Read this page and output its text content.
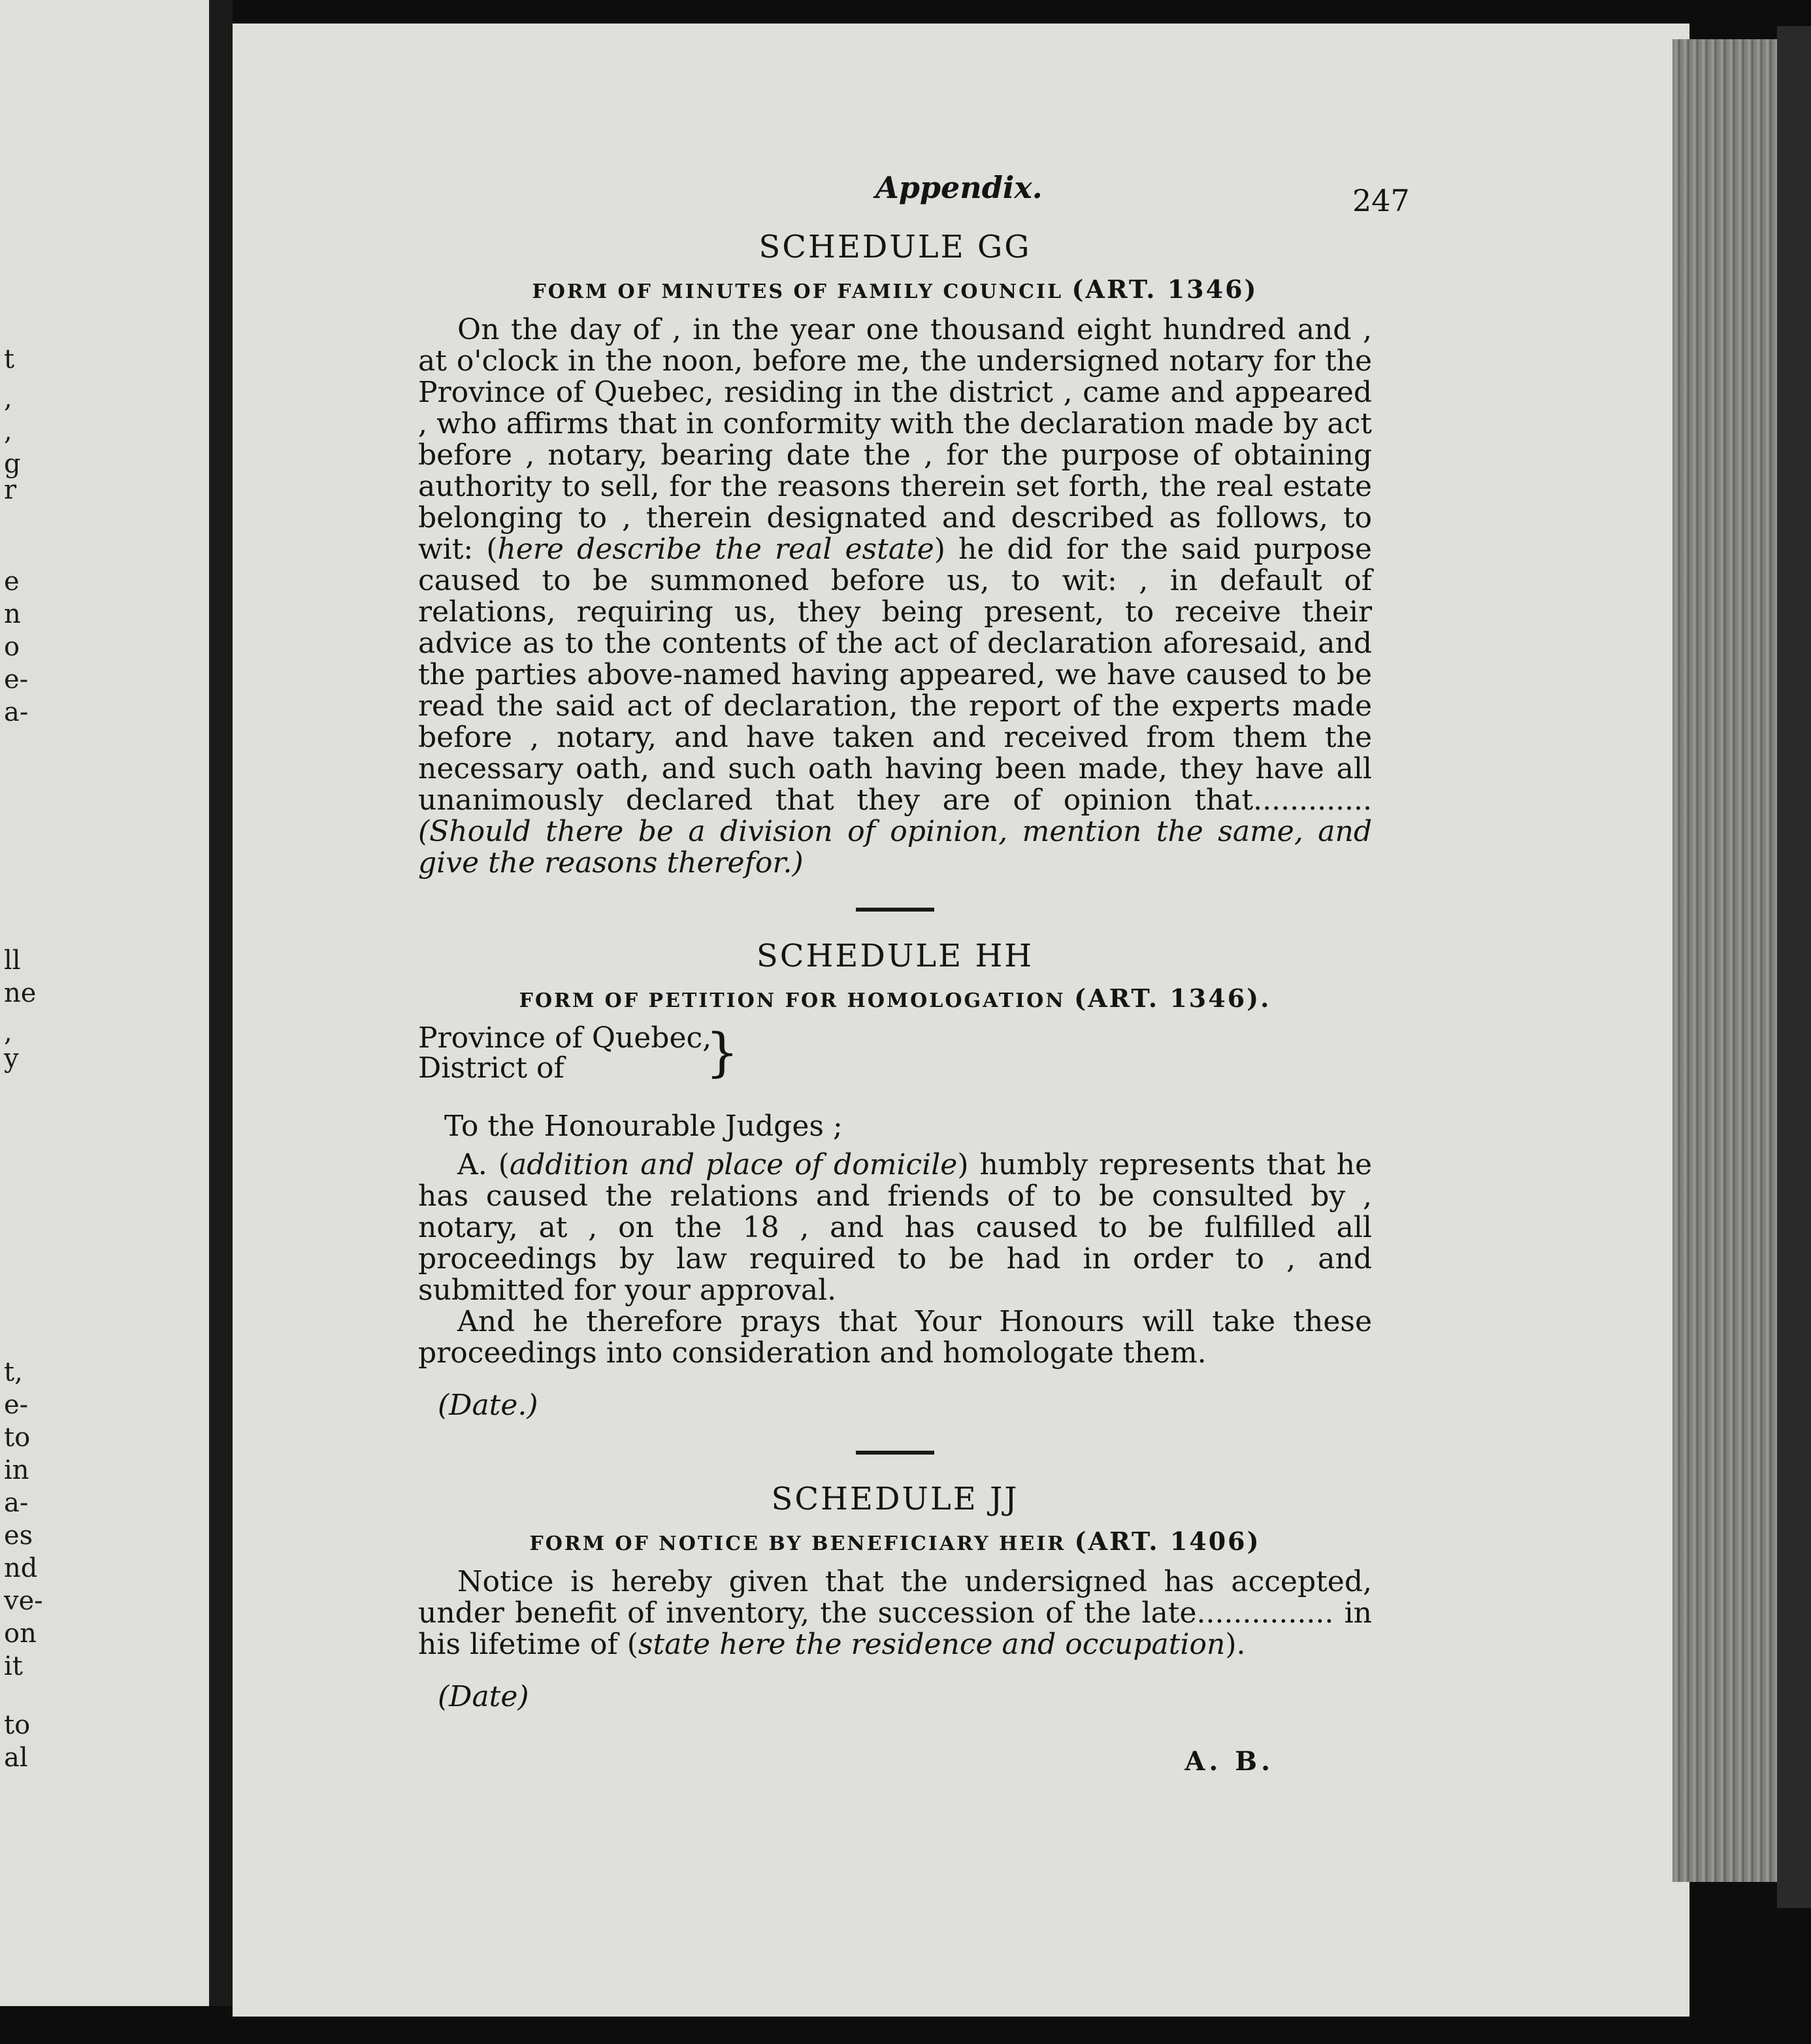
t
,
,
g
r
e
n
o
e-
a-
ll
ne
,
y
t,
e-
to
in
a-
es
nd
ve-
on
it
to
al
Appendix.	247
SCHEDULE GG
FORM OF MINUTES OF FAMILY COUNCIL (ART. 1346)

On the day of , in the year one thousand eight hundred and , at o'clock in the noon, before me, the undersigned notary for the Province of Quebec, residing in the district , came and appeared , who affirms that in conformity with the declaration made by act before , notary, bearing date the , for the purpose of obtaining authority to sell, for the reasons therein set forth, the real estate belonging to , therein designated and described as follows, to wit: (here describe the real estate) he did for the said purpose caused to be summoned before us, to wit: , in default of relations, requiring us, they being present, to receive their advice as to the contents of the act of declaration aforesaid, and the parties above-named having appeared, we have caused to be read the said act of declaration, the report of the experts made before , notary, and have taken and received from them the necessary oath, and such oath having been made, they have all unanimously declared that they are of opinion that............. (Should there be a division of opinion, mention the same, and give the reasons therefor.)

SCHEDULE HH
FORM OF PETITION FOR HOMOLOGATION (ART. 1346).
Province of Quebec,
District of	}
To the Honourable Judges ;

A. (addition and place of domicile) humbly represents that he has caused the relations and friends of to be consulted by , notary, at , on the 18 , and has caused to be fulfilled all proceedings by law required to be had in order to , and submitted for your approval.

And he therefore prays that Your Honours will take these proceedings into consideration and homologate them.

(Date.)
SCHEDULE JJ
FORM OF NOTICE BY BENEFICIARY HEIR (ART. 1406)

Notice is hereby given that the undersigned has accepted, under benefit of inventory, the succession of the late............... in his lifetime of (state here the residence and occupation).

(Date)
A. B.
